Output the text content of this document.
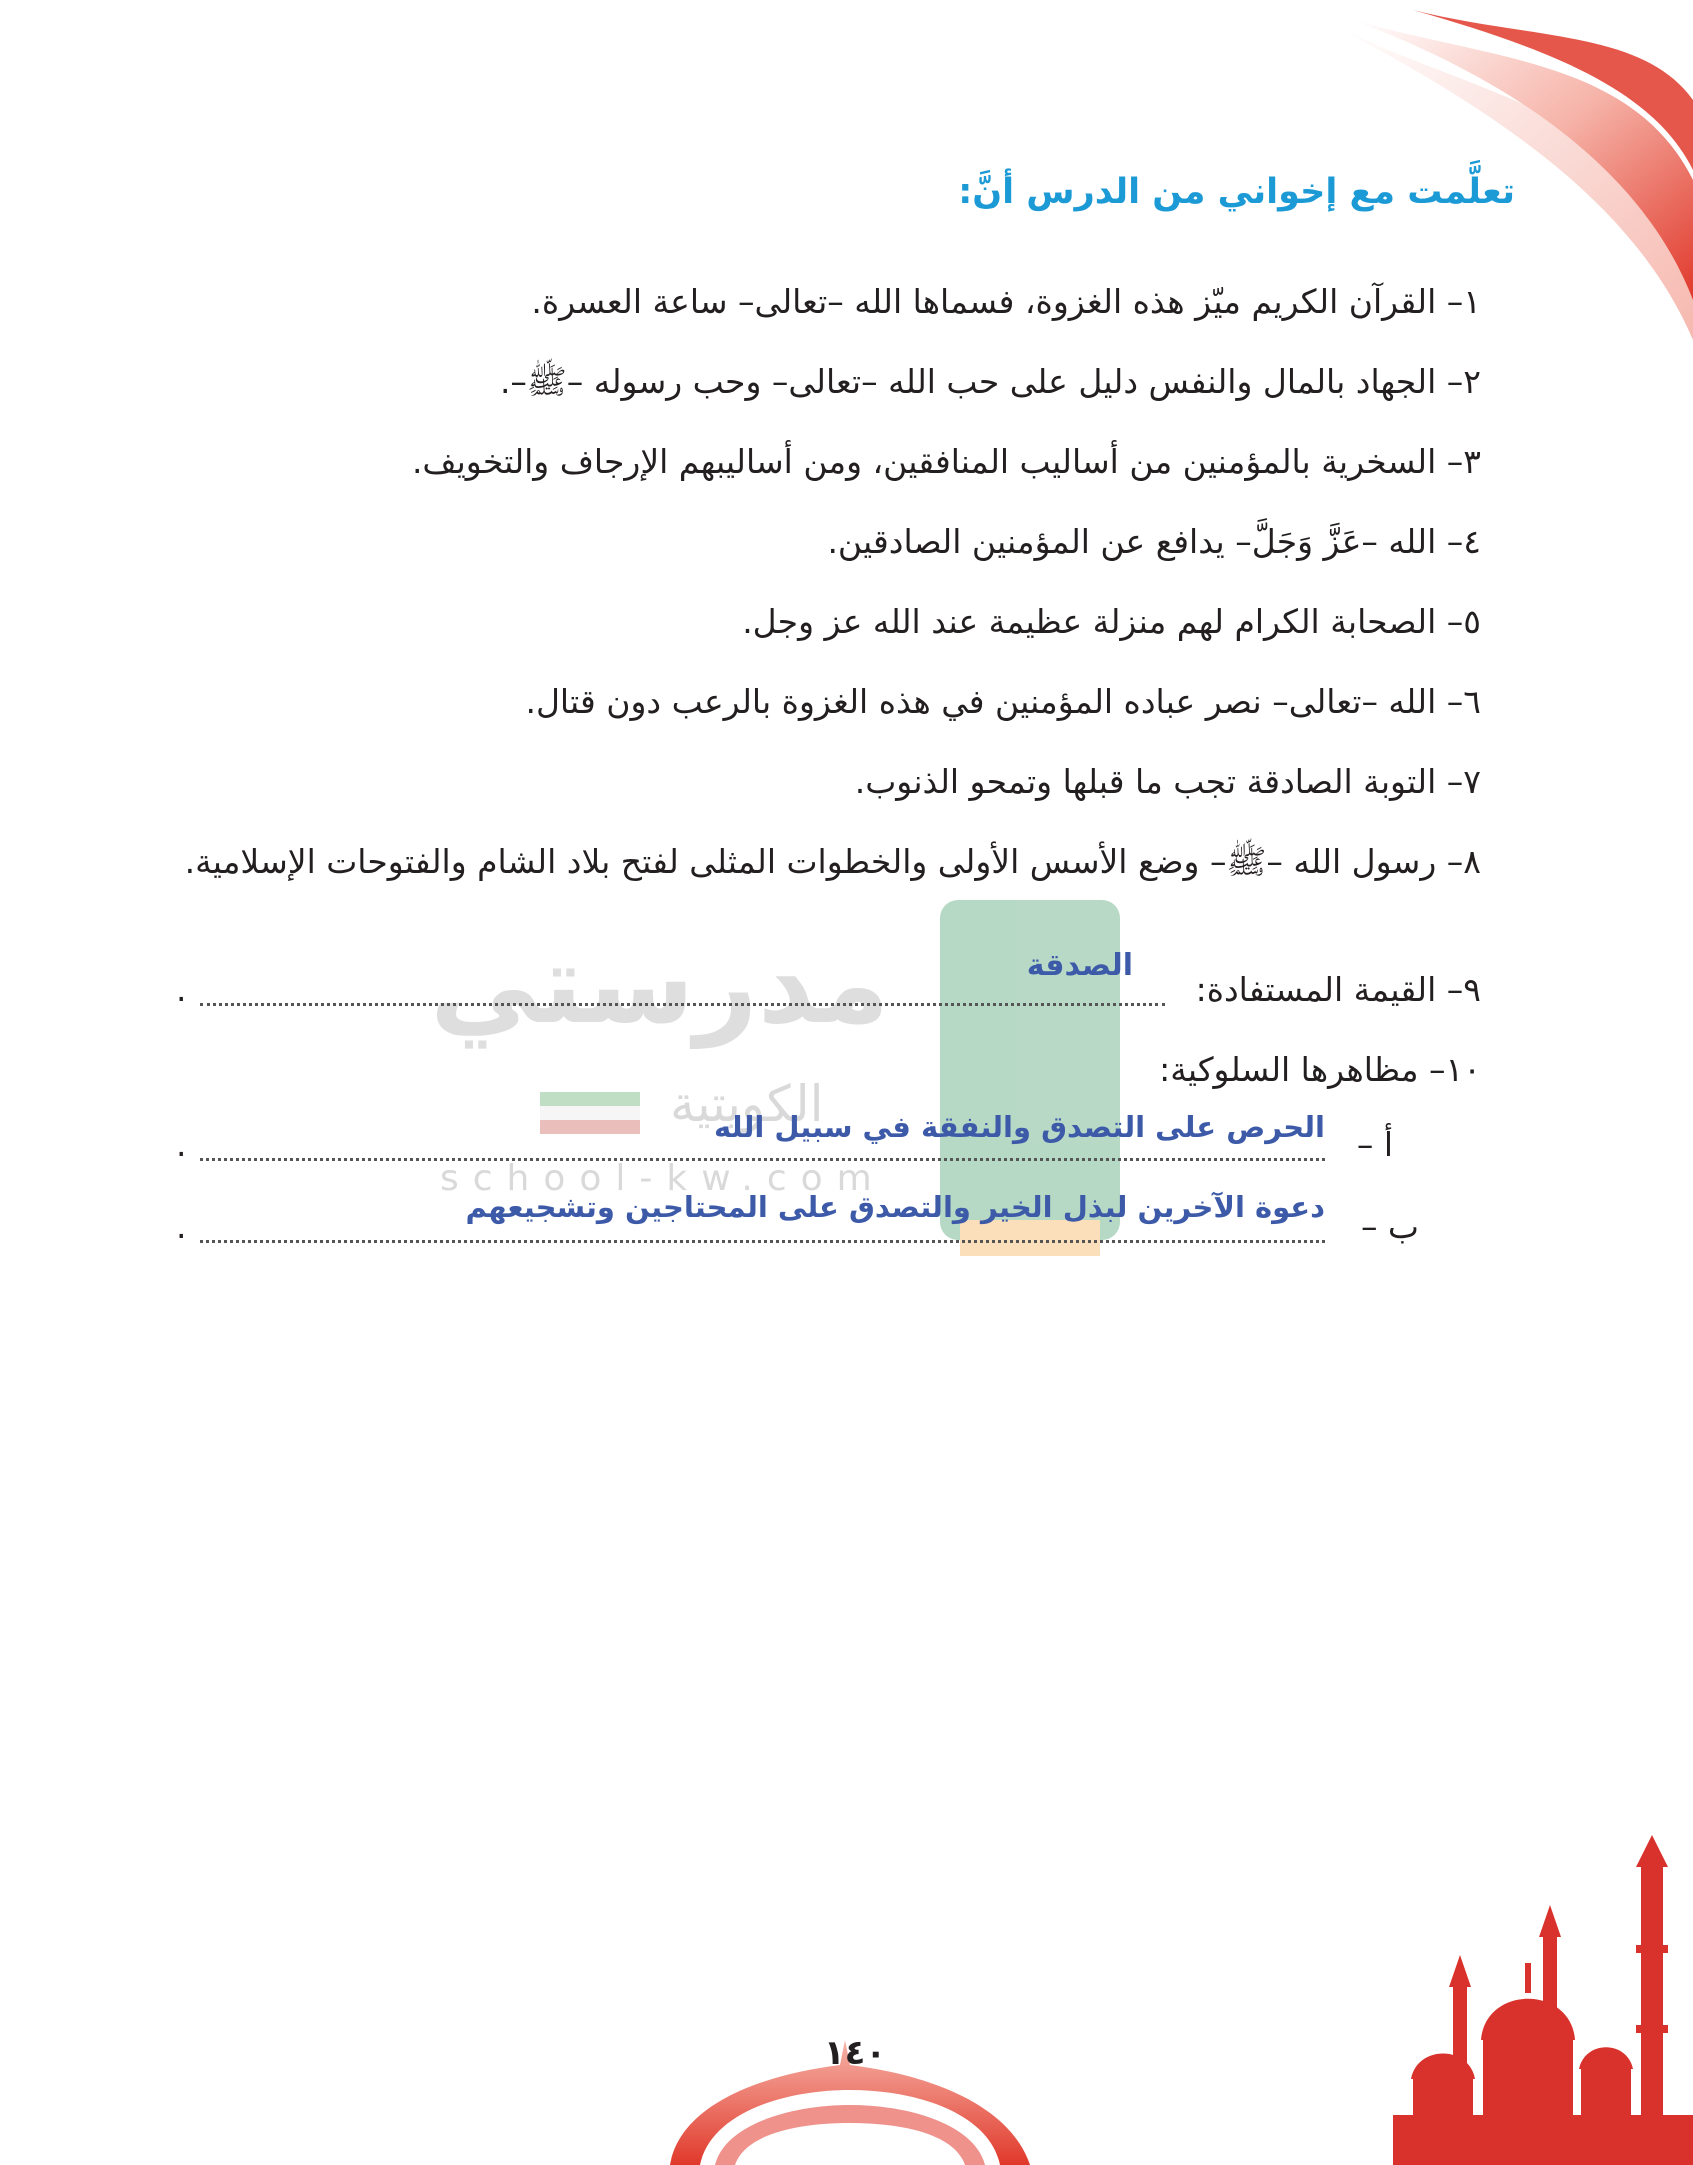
مدرستي
الكويتية
school-kw.com
تعلَّمت مع إخواني من الدرس أنَّ:
١– القرآن الكريم ميّز هذه الغزوة، فسماها الله –تعالى– ساعة العسرة.
٢– الجهاد بالمال والنفس دليل على حب الله –تعالى– وحب رسوله –ﷺ–.
٣– السخرية بالمؤمنين من أساليب المنافقين، ومن أساليبهم الإرجاف والتخويف.
٤– الله –عَزَّ وَجَلَّ– يدافع عن المؤمنين الصادقين.
٥– الصحابة الكرام لهم منزلة عظيمة عند الله عز وجل.
٦– الله –تعالى– نصر عباده المؤمنين في هذه الغزوة بالرعب دون قتال.
٧– التوبة الصادقة تجب ما قبلها وتمحو الذنوب.
٨– رسول الله –ﷺ– وضع الأسس الأولى والخطوات المثلى لفتح بلاد الشام والفتوحات الإسلامية.
٩– القيمة المستفادة:
.
الصدقة
١٠– مظاهرها السلوكية:
أ –
.	الحرص على التصدق والنفقة في سبيل الله
ب –
.	دعوة الآخرين لبذل الخير والتصدق على المحتاجين وتشجيعهم
١٤٠
